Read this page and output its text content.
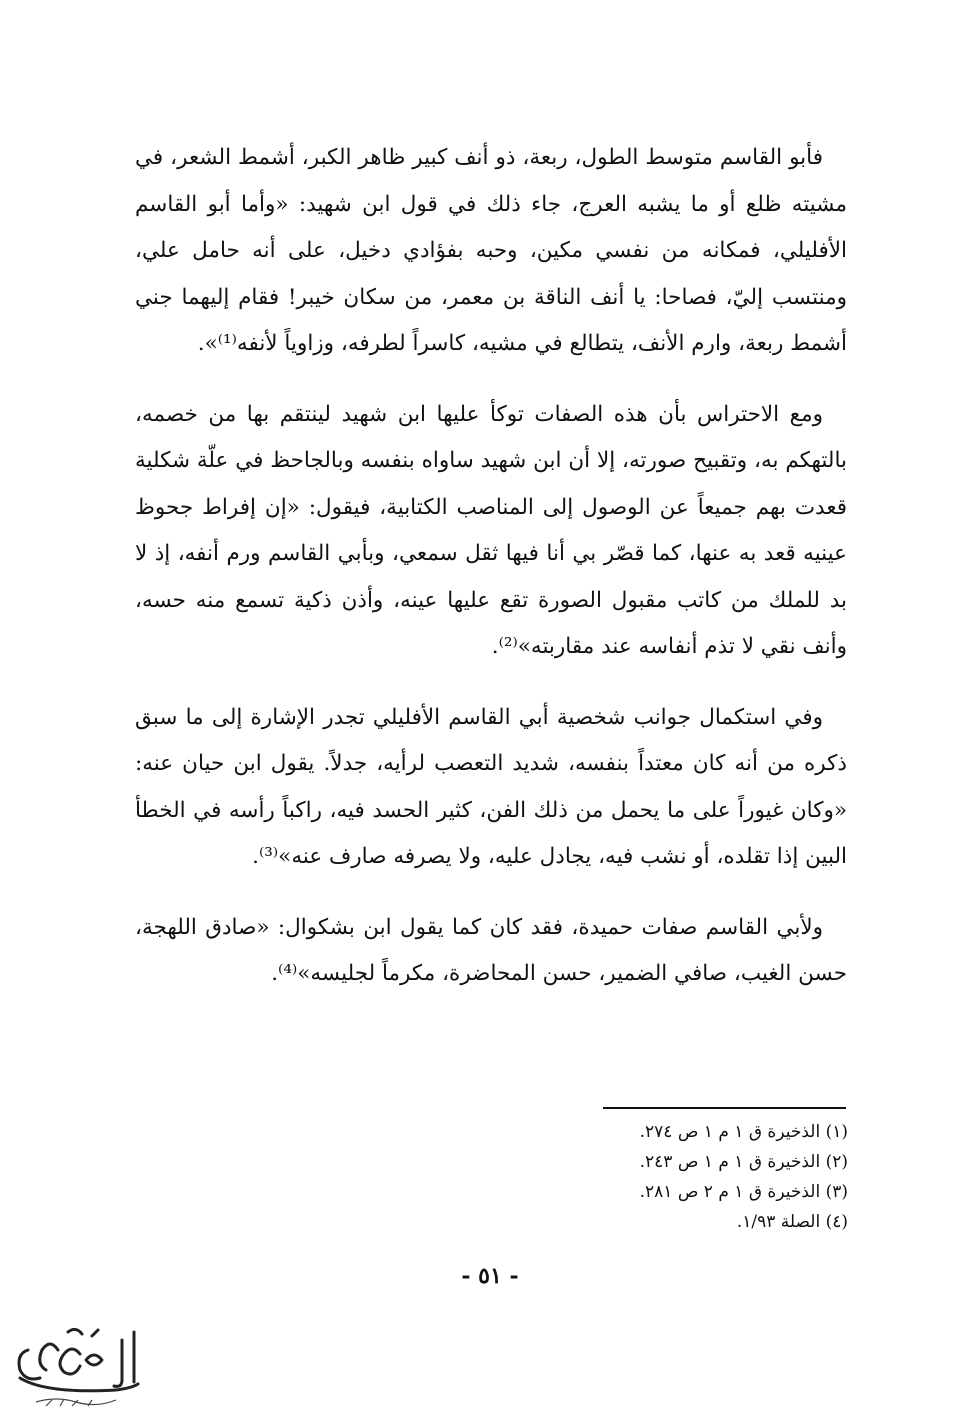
فأبو القاسم متوسط الطول، ربعة، ذو أنف كبير ظاهر الكبر، أشمط الشعر، في مشيته ظلع أو ما يشبه العرج، جاء ذلك في قول ابن شهيد: «وأما أبو القاسم الأفليلي، فمكانه من نفسي مكين، وحبه بفؤادي دخيل، على أنه حامل علي، ومنتسب إليّ، فصاحا: يا أنف الناقة بن معمر، من سكان خيبر! فقام إليهما جني أشمط ربعة، وارم الأنف، يتطالع في مشيه، كاسراً لطرفه، وزاوياً لأنفه⁽¹⁾».

ومع الاحتراس بأن هذه الصفات توكأ عليها ابن شهيد لينتقم بها من خصمه، بالتهكم به، وتقبيح صورته، إلا أن ابن شهيد ساواه بنفسه وبالجاحظ في علّة شكلية قعدت بهم جميعاً عن الوصول إلى المناصب الكتابية، فيقول: «إن إفراط جحوظ عينيه قعد به عنها، كما قصّر بي أنا فيها ثقل سمعي، وبأبي القاسم ورم أنفه، إذ لا بد للملك من كاتب مقبول الصورة تقع عليها عينه، وأذن ذكية تسمع منه حسه، وأنف نقي لا تذم أنفاسه عند مقاربته»⁽²⁾.

وفي استكمال جوانب شخصية أبي القاسم الأفليلي تجدر الإشارة إلى ما سبق ذكره من أنه كان معتداً بنفسه، شديد التعصب لرأيه، جدلاً. يقول ابن حيان عنه: «وكان غيوراً على ما يحمل من ذلك الفن، كثير الحسد فيه، راكباً رأسه في الخطأ البين إذا تقلده، أو نشب فيه، يجادل عليه، ولا يصرفه صارف عنه»⁽³⁾.

ولأبي القاسم صفات حميدة، فقد كان كما يقول ابن بشكوال: «صادق اللهجة، حسن الغيب، صافي الضمير، حسن المحاضرة، مكرماً لجليسه»⁽⁴⁾.

(١) الذخيرة ق ١ م ١ ص ٢٧٤.
(٢) الذخيرة ق ١ م ١ ص ٢٤٣.
(٣) الذخيرة ق ١ م ٢ ص ٢٨١.
(٤) الصلة ١/٩٣.
- ٥١ -
